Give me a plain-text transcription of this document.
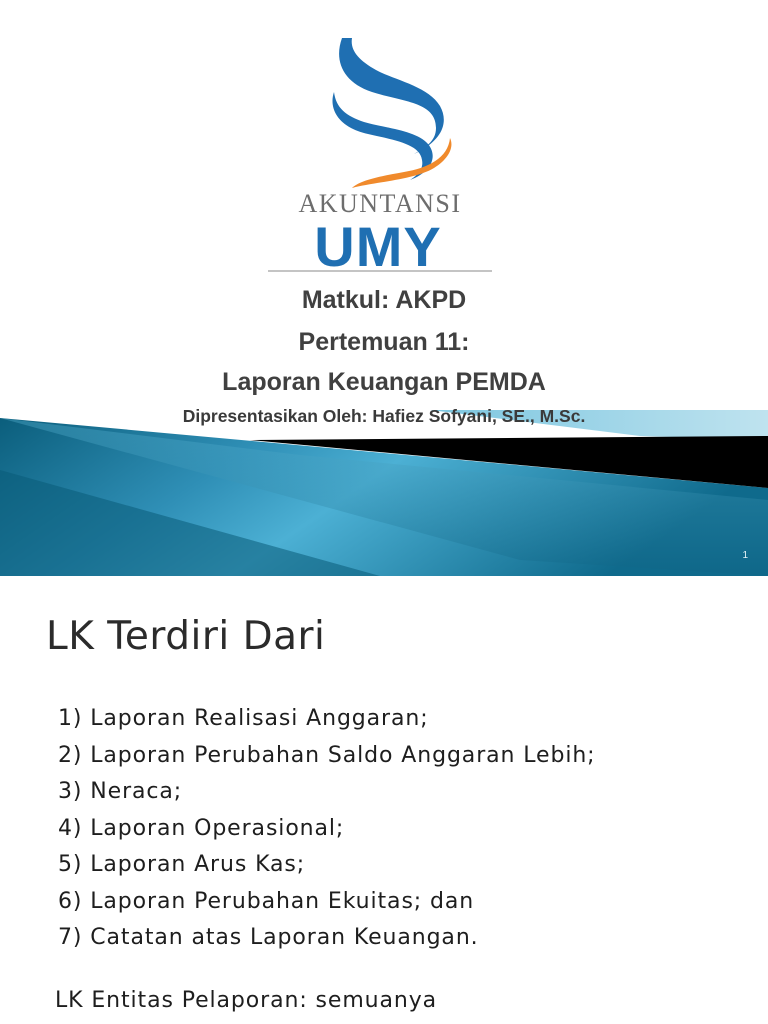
AKUNTANSI
UMY
Matkul: AKPD
Pertemuan 11:
Laporan Keuangan PEMDA
Dipresentasikan Oleh: Hafiez Sofyani, SE., M.Sc.
1
LK Terdiri Dari
1) Laporan Realisasi Anggaran;
2) Laporan Perubahan Saldo Anggaran Lebih;
3) Neraca;
4) Laporan Operasional;
5) Laporan Arus Kas;
6) Laporan Perubahan Ekuitas; dan
7) Catatan atas Laporan Keuangan.
LK Entitas Pelaporan: semuanya
